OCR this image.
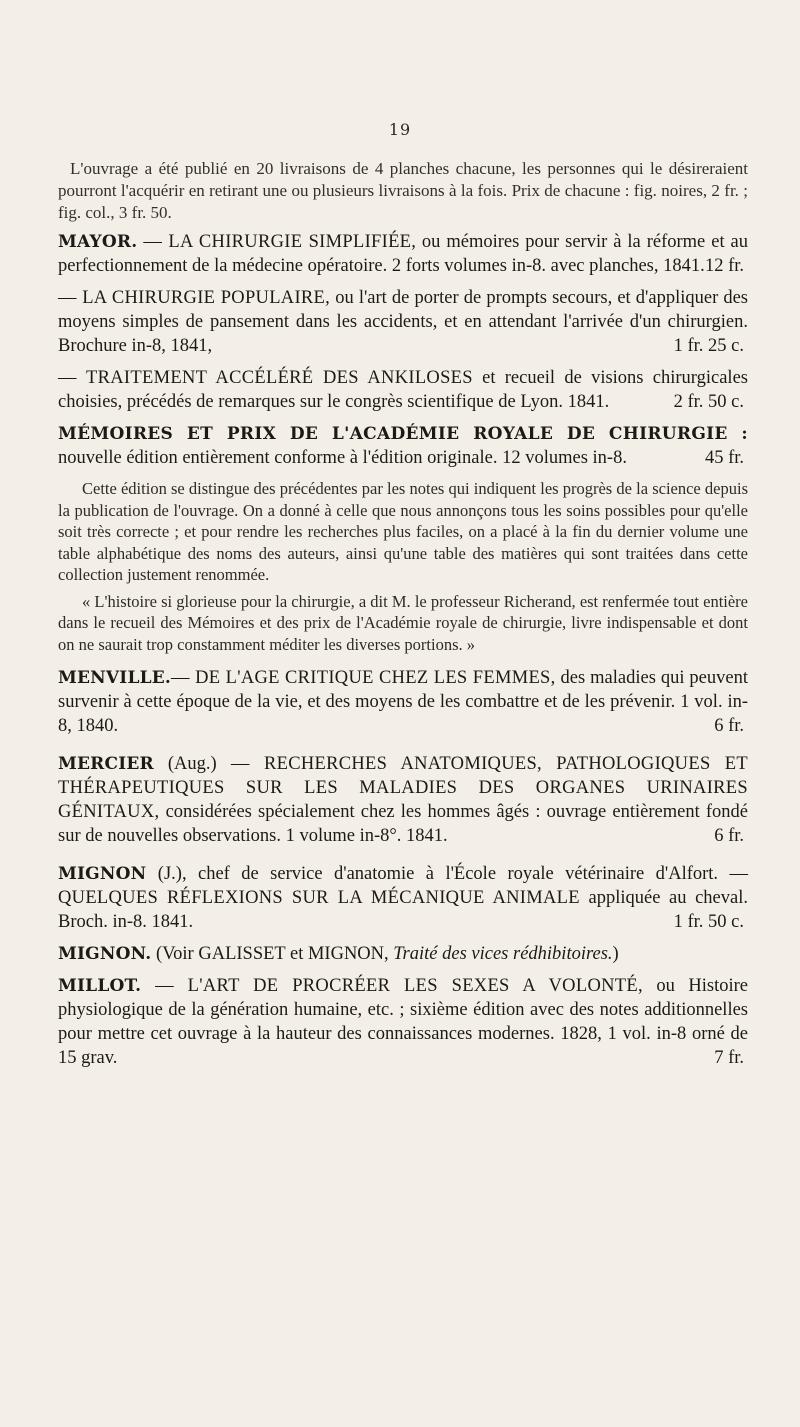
19

L'ouvrage a été publié en 20 livraisons de 4 planches chacune, les personnes qui le désireraient pourront l'acquérir en retirant une ou plusieurs livraisons à la fois. Prix de chacune : fig. noires, 2 fr. ; fig. col., 3 fr. 50.

MAYOR. — LA CHIRURGIE SIMPLIFIÉE, ou mémoires pour servir à la réforme et au perfectionnement de la médecine opératoire. 2 forts volumes in-8. avec planches, 1841. 12 fr.

— LA CHIRURGIE POPULAIRE, ou l'art de porter de prompts secours, et d'appliquer des moyens simples de pansement dans les accidents, et en attendant l'arrivée d'un chirurgien. Brochure in-8, 1841,	1 fr. 25 c.

— TRAITEMENT ACCÉLÉRÉ DES ANKILOSES et recueil de visions chirurgicales choisies, précédés de remarques sur le congrès scientifique de Lyon. 1841.	2 fr. 50 c.

MÉMOIRES ET PRIX DE L'ACADÉMIE ROYALE DE CHIRURGIE : nouvelle édition entièrement conforme à l'édition originale. 12 volumes in-8.	45 fr.

Cette édition se distingue des précédentes par les notes qui indiquent les progrès de la science depuis la publication de l'ouvrage. On a donné à celle que nous annonçons tous les soins possibles pour qu'elle soit très correcte ; et pour rendre les recherches plus faciles, on a placé à la fin du dernier volume une table alphabétique des noms des auteurs, ainsi qu'une table des matières qui sont traitées dans cette collection justement renommée.

« L'histoire si glorieuse pour la chirurgie, a dit M. le professeur Richerand, est renfermée tout entière dans le recueil des Mémoires et des prix de l'Académie royale de chirurgie, livre indispensable et dont on ne saurait trop constamment méditer les diverses portions. »

MENVILLE.— DE L'AGE CRITIQUE CHEZ LES FEMMES, des maladies qui peuvent survenir à cette époque de la vie, et des moyens de les combattre et de les prévenir. 1 vol. in-8, 1840.	6 fr.

MERCIER (Aug.) — RECHERCHES ANATOMIQUES, PATHOLOGIQUES ET THÉRAPEUTIQUES SUR LES MALADIES DES ORGANES URINAIRES GÉNITAUX, considérées spécialement chez les hommes âgés : ouvrage entièrement fondé sur de nouvelles observations. 1 volume in-8°. 1841.	6 fr.

MIGNON (J.), chef de service d'anatomie à l'École royale vétérinaire d'Alfort. — QUELQUES RÉFLEXIONS SUR LA MÉCANIQUE ANIMALE appliquée au cheval. Broch. in-8. 1841.	1 fr. 50 c.

MIGNON. (Voir GALISSET et MIGNON, Traité des vices rédhibitoires.)

MILLOT. — L'ART DE PROCRÉER LES SEXES A VOLONTÉ, ou Histoire physiologique de la génération humaine, etc. ; sixième édition avec des notes additionnelles pour mettre cet ouvrage à la hauteur des connaissances modernes. 1828, 1 vol. in-8 orné de 15 grav.	7 fr.
